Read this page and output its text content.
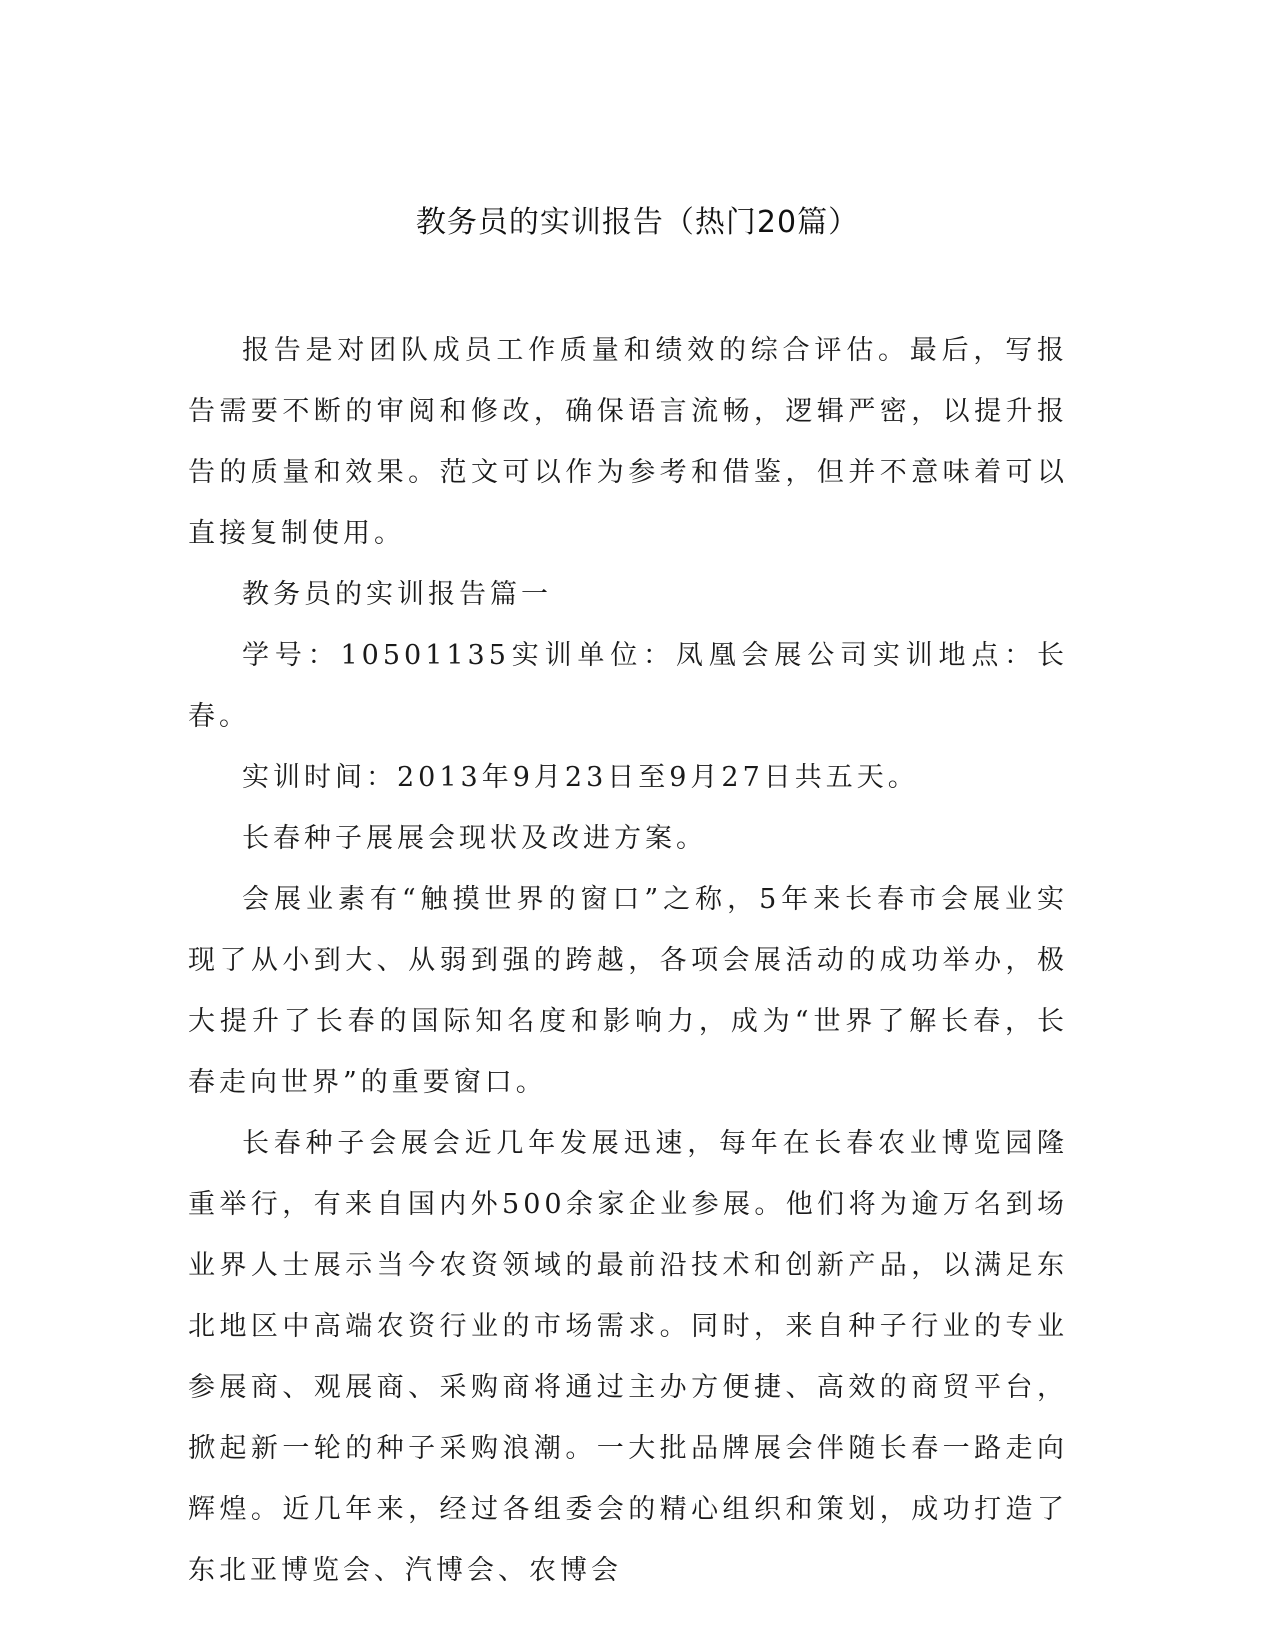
教务员的实训报告（热门20篇）

报告是对团队成员工作质量和绩效的综合评估。最后，写报告需要不断的审阅和修改，确保语言流畅，逻辑严密，以提升报告的质量和效果。范文可以作为参考和借鉴，但并不意味着可以直接复制使用。

教务员的实训报告篇一

学号：10501135实训单位：凤凰会展公司实训地点：长春。

实训时间：2013年9月23日至9月27日共五天。

长春种子展展会现状及改进方案。

会展业素有“触摸世界的窗口”之称，5年来长春市会展业实现了从小到大、从弱到强的跨越，各项会展活动的成功举办，极大提升了长春的国际知名度和影响力，成为“世界了解长春，长春走向世界”的重要窗口。

长春种子会展会近几年发展迅速，每年在长春农业博览园隆重举行，有来自国内外500余家企业参展。他们将为逾万名到场业界人士展示当今农资领域的最前沿技术和创新产品，以满足东北地区中高端农资行业的市场需求。同时，来自种子行业的专业参展商、观展商、采购商将通过主办方便捷、高效的商贸平台，掀起新一轮的种子采购浪潮。一大批品牌展会伴随长春一路走向辉煌。近几年来，经过各组委会的精心组织和策划，成功打造了东北亚博览会、汽博会、农博会
